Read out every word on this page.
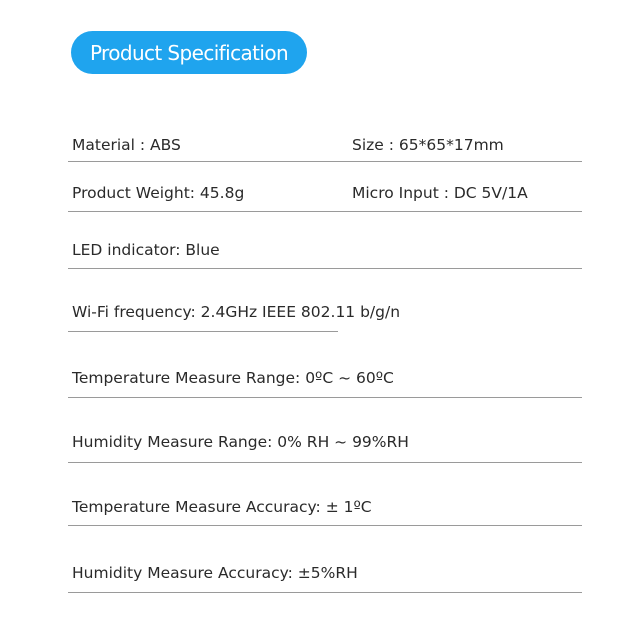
Product Specification
Material : ABS	Size : 65*65*17mm
Product Weight: 45.8g	Micro Input : DC 5V/1A
LED indicator: Blue
Wi-Fi frequency: 2.4GHz IEEE 802.11 b/g/n
Temperature Measure Range: 0ºC ~ 60ºC
Humidity Measure Range: 0% RH ~ 99%RH
Temperature Measure Accuracy: ± 1ºC
Humidity Measure Accuracy: ±5%RH
